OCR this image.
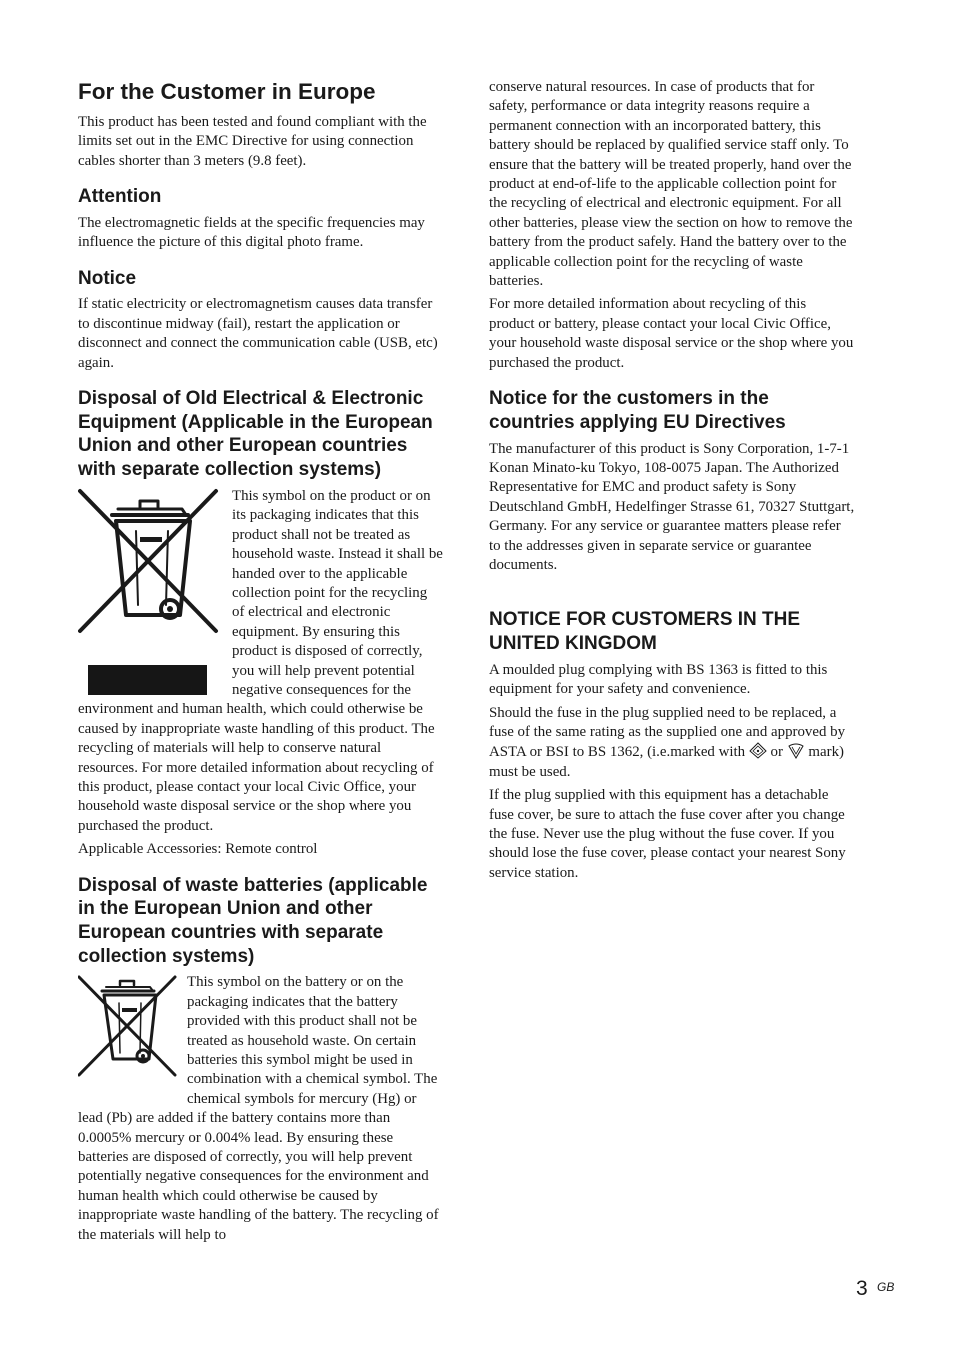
For the Customer in Europe

This product has been tested and found compliant with the limits set out in the EMC Directive for using connection cables shorter than 3 meters (9.8 feet).

Attention

The electromagnetic fields at the specific frequencies may influence the picture of this digital photo frame.

Notice

If static electricity or electromagnetism causes data transfer to discontinue midway (fail), restart the application or disconnect and connect the communication cable (USB, etc) again.

Disposal of Old Electrical & Electronic Equipment (Applicable in the European Union and other European countries with separate collection systems)

This symbol on the product or on its packaging indicates that this product shall not be treated as household waste. Instead it shall be handed over to the applicable collection point for the recycling of electrical and electronic equipment. By ensuring this product is disposed of correctly, you will help prevent potential negative consequences for the environment and human health, which could otherwise be caused by inappropriate waste handling of this product. The recycling of materials will help to conserve natural resources. For more detailed information about recycling of this product, please contact your local Civic Office, your household waste disposal service or the shop where you purchased the product.

Applicable Accessories: Remote control

Disposal of waste batteries (applicable in the European Union and other European countries with separate collection systems)

This symbol on the battery or on the packaging indicates that the battery provided with this product shall not be treated as household waste. On certain batteries this symbol might be used in combination with a chemical symbol. The chemical symbols for mercury (Hg) or lead (Pb) are added if the battery contains more than 0.0005% mercury or 0.004% lead. By ensuring these batteries are disposed of correctly, you will help prevent potentially negative consequences for the environment and human health which could otherwise be caused by inappropriate waste handling of the battery. The recycling of the materials will help to

conserve natural resources. In case of products that for safety, performance or data integrity reasons require a permanent connection with an incorporated battery, this battery should be replaced by qualified service staff only. To ensure that the battery will be treated properly, hand over the product at end-of-life to the applicable collection point for the recycling of electrical and electronic equipment. For all other batteries, please view the section on how to remove the battery from the product safely. Hand the battery over to the applicable collection point for the recycling of waste batteries.

For more detailed information about recycling of this product or battery, please contact your local Civic Office, your household waste disposal service or the shop where you purchased the product.

Notice for the customers in the countries applying EU Directives

The manufacturer of this product is Sony Corporation, 1-7-1 Konan Minato-ku Tokyo, 108-0075 Japan. The Authorized Representative for EMC and product safety is Sony Deutschland GmbH, Hedelfinger Strasse 61, 70327 Stuttgart, Germany. For any service or guarantee matters please refer to the addresses given in separate service or guarantee documents.

NOTICE FOR CUSTOMERS IN THE UNITED KINGDOM

A moulded plug complying with BS 1363 is fitted to this equipment for your safety and convenience.

Should the fuse in the plug supplied need to be replaced, a fuse of the same rating as the supplied one and approved by ASTA or BSI to BS 1362, (i.e.marked with or mark) must be used.

If the plug supplied with this equipment has a detachable fuse cover, be sure to attach the fuse cover after you change the fuse. Never use the plug without the fuse cover. If you should lose the fuse cover, please contact your nearest Sony service station.

3 GB
